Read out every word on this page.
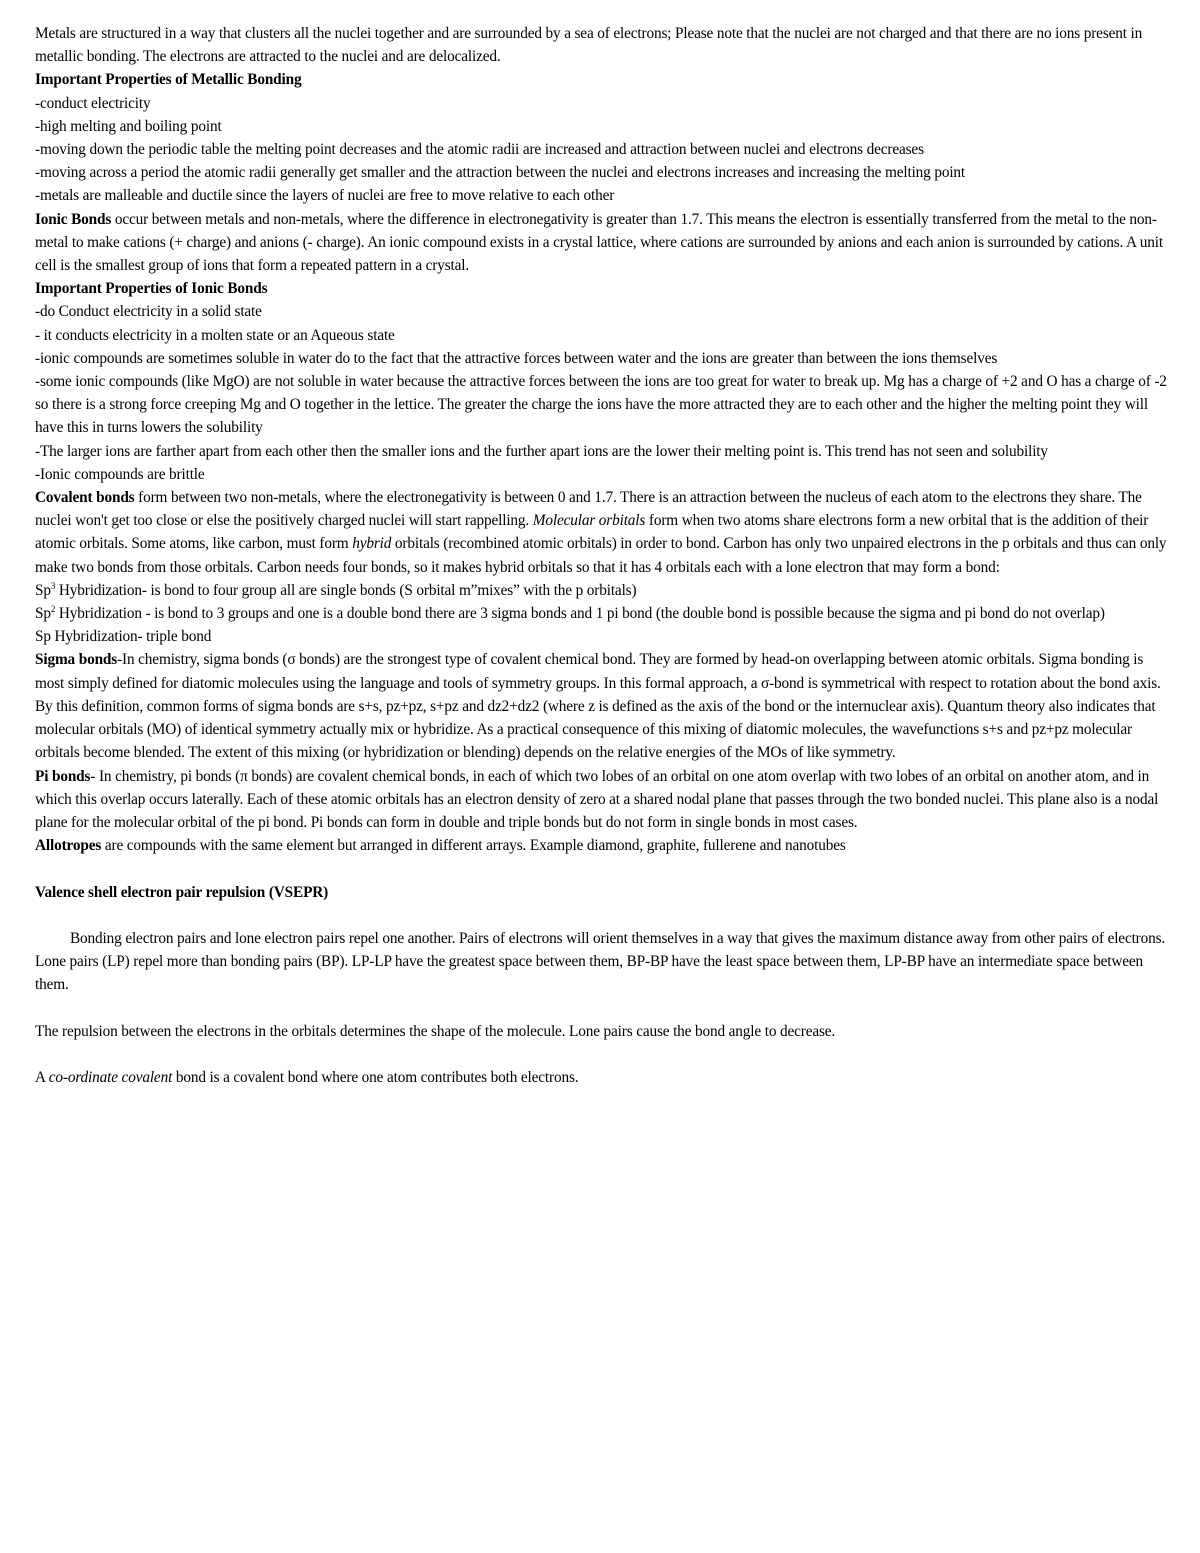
Metals are structured in a way that clusters all the nuclei together and are surrounded by a sea of electrons; Please note that the nuclei are not charged and that there are no ions present in metallic bonding. The electrons are attracted to the nuclei and are delocalized.

Important Properties of Metallic Bonding

-conduct electricity

-high melting and boiling point

-moving down the periodic table the melting point decreases and the atomic radii are increased and attraction between nuclei and electrons decreases

-moving across a period the atomic radii generally get smaller and the attraction between the nuclei and electrons increases and increasing the melting point

-metals are malleable and ductile since the layers of nuclei are free to move relative to each other

Ionic Bonds occur between metals and non-metals, where the difference in electronegativity is greater than 1.7. This means the electron is essentially transferred from the metal to the non-metal to make cations (+ charge) and anions (- charge). An ionic compound exists in a crystal lattice, where cations are surrounded by anions and each anion is surrounded by cations. A unit cell is the smallest group of ions that form a repeated pattern in a crystal.

Important Properties of Ionic Bonds

-do Conduct electricity in a solid state

- it conducts electricity in a molten state or an Aqueous state

-ionic compounds are sometimes soluble in water do to the fact that the attractive forces between water and the ions are greater than between the ions themselves

-some ionic compounds (like MgO) are not soluble in water because the attractive forces between the ions are too great for water to break up. Mg has a charge of +2 and O has a charge of -2 so there is a strong force creeping Mg and O together in the lettice. The greater the charge the ions have the more attracted they are to each other and the higher the melting point they will have this in turns lowers the solubility

-The larger ions are farther apart from each other then the smaller ions and the further apart ions are the lower their melting point is. This trend has not seen and solubility

-Ionic compounds are brittle

Covalent bonds form between two non-metals, where the electronegativity is between 0 and 1.7. There is an attraction between the nucleus of each atom to the electrons they share. The nuclei won't get too close or else the positively charged nuclei will start rappelling. Molecular orbitals form when two atoms share electrons form a new orbital that is the addition of their atomic orbitals. Some atoms, like carbon, must form hybrid orbitals (recombined atomic orbitals) in order to bond. Carbon has only two unpaired electrons in the p orbitals and thus can only make two bonds from those orbitals. Carbon needs four bonds, so it makes hybrid orbitals so that it has 4 orbitals each with a lone electron that may form a bond:

Sp$^3$ Hybridization- is bond to four group all are single bonds (S orbital m”mixes” with the p orbitals)

Sp$^2$ Hybridization - is bond to 3 groups and one is a double bond there are 3 sigma bonds and 1 pi bond (the double bond is possible because the sigma and pi bond do not overlap)

Sp Hybridization- triple bond

Sigma bonds-In chemistry, sigma bonds (σ bonds) are the strongest type of covalent chemical bond. They are formed by head-on overlapping between atomic orbitals. Sigma bonding is most simply defined for diatomic molecules using the language and tools of symmetry groups. In this formal approach, a σ-bond is symmetrical with respect to rotation about the bond axis. By this definition, common forms of sigma bonds are s+s, pz+pz, s+pz and dz2+dz2 (where z is defined as the axis of the bond or the internuclear axis). Quantum theory also indicates that molecular orbitals (MO) of identical symmetry actually mix or hybridize. As a practical consequence of this mixing of diatomic molecules, the wavefunctions s+s and pz+pz molecular orbitals become blended. The extent of this mixing (or hybridization or blending) depends on the relative energies of the MOs of like symmetry.

Pi bonds- In chemistry, pi bonds (π bonds) are covalent chemical bonds, in each of which two lobes of an orbital on one atom overlap with two lobes of an orbital on another atom, and in which this overlap occurs laterally. Each of these atomic orbitals has an electron density of zero at a shared nodal plane that passes through the two bonded nuclei. This plane also is a nodal plane for the molecular orbital of the pi bond. Pi bonds can form in double and triple bonds but do not form in single bonds in most cases.

Allotropes are compounds with the same element but arranged in different arrays. Example diamond, graphite, fullerene and nanotubes

Valence shell electron pair repulsion (VSEPR)

Bonding electron pairs and lone electron pairs repel one another. Pairs of electrons will orient themselves in a way that gives the maximum distance away from other pairs of electrons. Lone pairs (LP) repel more than bonding pairs (BP). LP-LP have the greatest space between them, BP-BP have the least space between them, LP-BP have an intermediate space between them.

The repulsion between the electrons in the orbitals determines the shape of the molecule. Lone pairs cause the bond angle to decrease.

A co-ordinate covalent bond is a covalent bond where one atom contributes both electrons.
